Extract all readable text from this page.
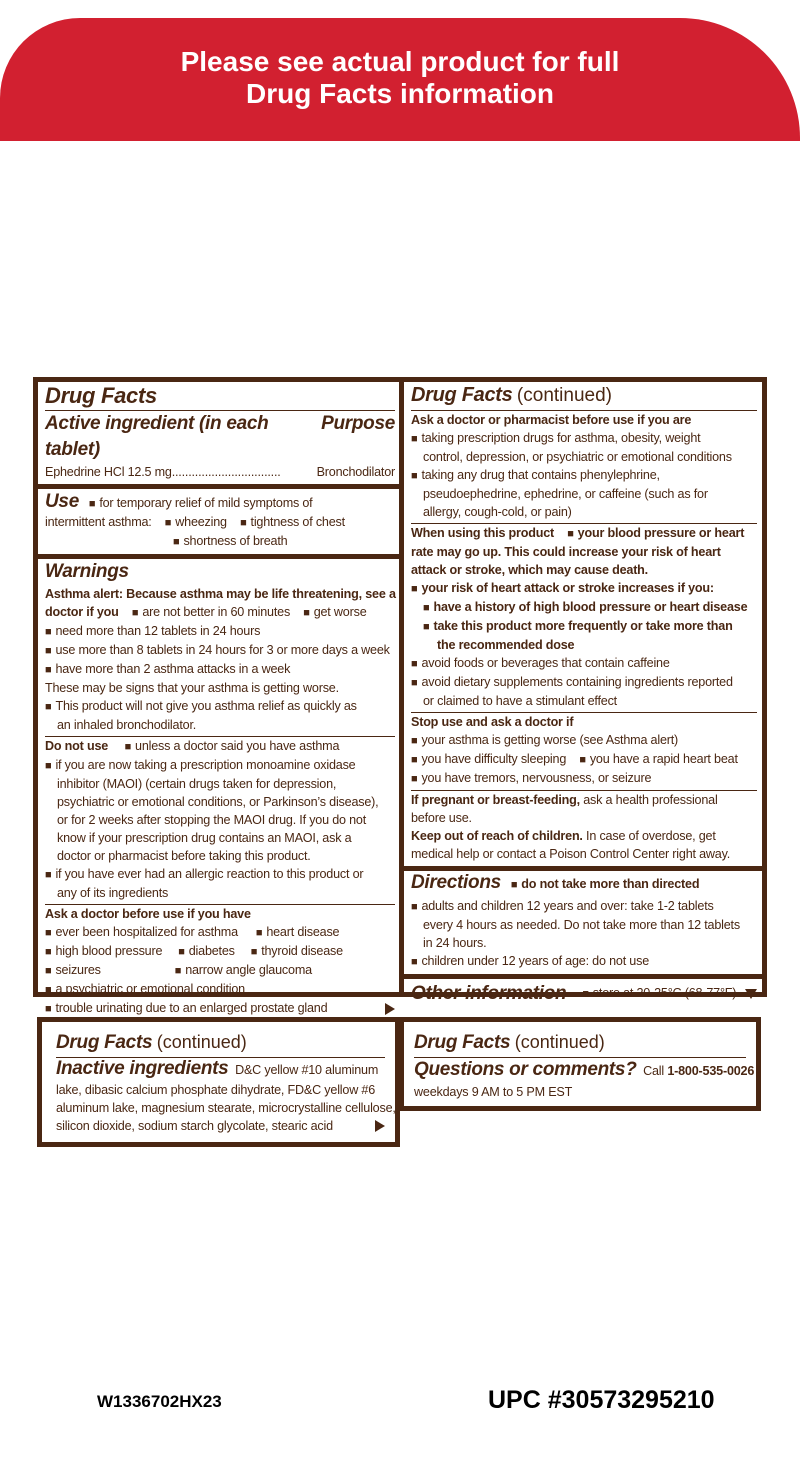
Please see actual product for full
Drug Facts information
Drug Facts
Active ingredient (in each tablet)
Purpose
Ephedrine HCl 12.5 mg.................................	Bronchodilator
Use ■ for temporary relief of mild symptoms of
intermittent asthma: ■ wheezing ■ tightness of chest
■ shortness of breath
Warnings
Asthma alert: Because asthma may be life threatening, see a
doctor if you ■ are not better in 60 minutes ■ get worse
■ need more than 12 tablets in 24 hours
■ use more than 8 tablets in 24 hours for 3 or more days a week
■ have more than 2 asthma attacks in a week
These may be signs that your asthma is getting worse.
■ This product will not give you asthma relief as quickly as
an inhaled bronchodilator.
Do not use ■ unless a doctor said you have asthma
■ if you are now taking a prescription monoamine oxidase
inhibitor (MAOI) (certain drugs taken for depression,
psychiatric or emotional conditions, or Parkinson’s disease),
or for 2 weeks after stopping the MAOI drug. If you do not
know if your prescription drug contains an MAOI, ask a
doctor or pharmacist before taking this product.
■ if you have ever had an allergic reaction to this product or
any of its ingredients
Ask a doctor before use if you have
■ ever been hospitalized for asthma ■ heart disease
■ high blood pressure ■ diabetes ■ thyroid disease
■ seizures	■ narrow angle glaucoma
■ a psychiatric or emotional condition
■ trouble urinating due to an enlarged prostate gland
Drug Facts (continued)
Ask a doctor or pharmacist before use if you are
■ taking prescription drugs for asthma, obesity, weight
control, depression, or psychiatric or emotional conditions
■ taking any drug that contains phenylephrine,
pseudoephedrine, ephedrine, or caffeine (such as for
allergy, cough-cold, or pain)
When using this product ■ your blood pressure or heart
rate may go up. This could increase your risk of heart
attack or stroke, which may cause death.
■ your risk of heart attack or stroke increases if you:
■ have a history of high blood pressure or heart disease
■ take this product more frequently or take more than
the recommended dose
■ avoid foods or beverages that contain caffeine
■ avoid dietary supplements containing ingredients reported
or claimed to have a stimulant effect
Stop use and ask a doctor if
■ your asthma is getting worse (see Asthma alert)
■ you have difficulty sleeping ■ you have a rapid heart beat
■ you have tremors, nervousness, or seizure
If pregnant or breast-feeding, ask a health professional
before use.
Keep out of reach of children. In case of overdose, get
medical help or contact a Poison Control Center right away.
Directions ■ do not take more than directed
■ adults and children 12 years and over: take 1-2 tablets
every 4 hours as needed. Do not take more than 12 tablets
in 24 hours.
■ children under 12 years of age: do not use
Other information	■ store at 20-25°C (68-77°F)
Drug Facts (continued)
Inactive ingredients D&C yellow #10 aluminum
lake, dibasic calcium phosphate dihydrate, FD&C yellow #6
aluminum lake, magnesium stearate, microcrystalline cellulose,
silicon dioxide, sodium starch glycolate, stearic acid
Drug Facts (continued)
Questions or comments? Call 1-800-535-0026
weekdays 9 AM to 5 PM EST
W1336702HX23	UPC #30573295210
